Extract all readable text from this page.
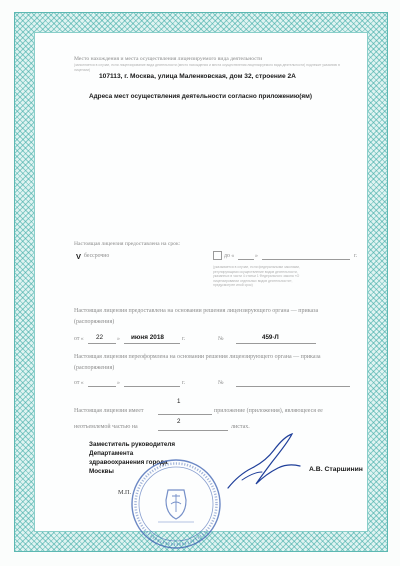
Место нахождения и места осуществления лицензируемого вида деятельности
(заполняется в случае, если лицензирование вида деятельности (место нахождения и места осуществления лицензируемого вида деятельности) подлежит указанию в лицензии)
107113, г. Москва, улица Маленковская, дом 32, строение 2А
Адреса мест осуществления деятельности согласно приложению(ям)
Настоящая лицензия предоставлена на срок:
V бессрочно	до «	»	г.
(указывается в случае, если федеральными законами, регулирующими осуществление видов деятельности, указанных в части 4 статьи 1 Федерального закона «О лицензировании отдельных видов деятельности», предусмотрен иной срок)
Настоящая лицензия предоставлена на основании решения лицензирующего органа — приказа (распоряжения)
от « 22 » июня 2018	г.	№	459-Л
Настоящая лицензия переоформлена на основании решения лицензирующего органа — приказа (распоряжения)
от «	»	г.	№
1
Настоящая лицензия имеет	приложение (приложения), являющееся ее
2
неотъемлемой частью на	листах.
Заместитель руководителя
Департамента
здравоохранения города
Москвы	А.В. Старшинин
М.П.
